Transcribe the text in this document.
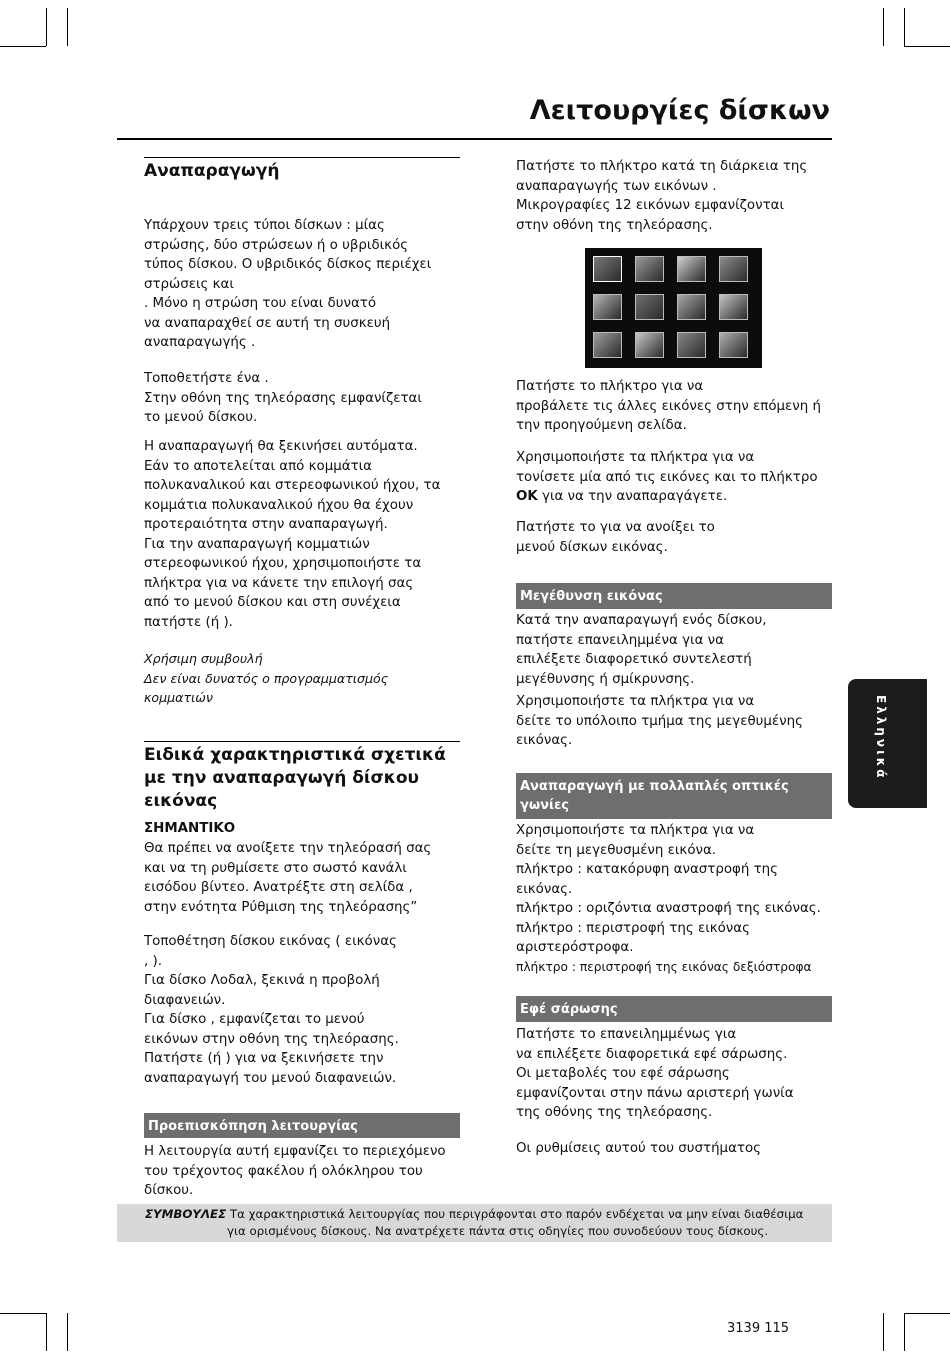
Λειτουργίες δίσκων
Αναπαραγωγή
Υπάρχουν τρεις τύποι δίσκων : μίας
στρώσης, δύο στρώσεων ή ο υβριδικός
τύπος δίσκου. Ο υβριδικός δίσκος περιέχει
στρώσεις και
. Μόνο η στρώση του είναι δυνατό
να αναπαραχθεί σε αυτή τη συσκευή
αναπαραγωγής .
Τοποθετήστε ένα .
Στην οθόνη της τηλεόρασης εμφανίζεται
το μενού δίσκου.
Η αναπαραγωγή θα ξεκινήσει αυτόματα.
Εάν το αποτελείται από κομμάτια
πολυκαναλικού και στερεοφωνικού ήχου, τα
κομμάτια πολυκαναλικού ήχου θα έχουν
προτεραιότητα στην αναπαραγωγή.
Για την αναπαραγωγή κομματιών
στερεοφωνικού ήχου, χρησιμοποιήστε τα
πλήκτρα για να κάνετε την επιλογή σας
από το μενού δίσκου και στη συνέχεια
πατήστε (ή ).
Χρήσιμη συμβουλή
Δεν είναι δυνατός ο προγραμματισμός
κομματιών
Ειδικά χαρακτηριστικά σχετικά
με την αναπαραγωγή δίσκου
εικόνας
ΣΗΜΑΝΤΙΚΟ
Θα πρέπει να ανοίξετε την τηλεόρασή σας
και να τη ρυθμίσετε στο σωστό κανάλι
εισόδου βίντεο. Ανατρέξτε στη σελίδα ,
στην ενότητα Ρύθμιση της τηλεόρασης”
Τοποθέτηση δίσκου εικόνας ( εικόνας
, ).
Για δίσκο Λοδαλ, ξεκινά η προβολή
διαφανειών.
Για δίσκο , εμφανίζεται το μενού
εικόνων στην οθόνη της τηλεόρασης.
Πατήστε (ή ) για να ξεκινήσετε την
αναπαραγωγή του μενού διαφανειών.
Προεπισκόπηση λειτουργίας
Η λειτουργία αυτή εμφανίζει το περιεχόμενο
του τρέχοντος φακέλου ή ολόκληρου του
δίσκου.
Πατήστε το πλήκτρο κατά τη διάρκεια της
αναπαραγωγής των εικόνων .
Μικρογραφίες 12 εικόνων εμφανίζονται
στην οθόνη της τηλεόρασης.
Πατήστε το πλήκτρο για να
προβάλετε τις άλλες εικόνες στην επόμενη ή
την προηγούμενη σελίδα.
Χρησιμοποιήστε τα πλήκτρα για να
τονίσετε μία από τις εικόνες και το πλήκτρο
OK για να την αναπαραγάγετε.
Πατήστε το για να ανοίξει το
μενού δίσκων εικόνας.
Μεγέθυνση εικόνας
Κατά την αναπαραγωγή ενός δίσκου,
πατήστε επανειλημμένα για να
επιλέξετε διαφορετικό συντελεστή
μεγέθυνσης ή σμίκρυνσης.
Χρησιμοποιήστε τα πλήκτρα για να
δείτε το υπόλοιπο τμήμα της μεγεθυμένης
εικόνας.
Αναπαραγωγή με πολλαπλές οπτικές
γωνίες
Χρησιμοποιήστε τα πλήκτρα για να
δείτε τη μεγεθυσμένη εικόνα.
πλήκτρο : κατακόρυφη αναστροφή της
εικόνας.
πλήκτρο : οριζόντια αναστροφή της εικόνας.
πλήκτρο : περιστροφή της εικόνας
αριστερόστροφα.
πλήκτρο : περιστροφή της εικόνας δεξιόστροφα
Εφέ σάρωσης
Πατήστε το επανειλημμένως για
να επιλέξετε διαφορετικά εφέ σάρωσης.
Οι μεταβολές του εφέ σάρωσης
εμφανίζονται στην πάνω αριστερή γωνία
της οθόνης της τηλεόρασης.
Οι ρυθμίσεις αυτού του συστήματος
Ελληνικά
ΣΥΜΒΟΥΛΕΣ Τα χαρακτηριστικά λειτουργίας που περιγράφονται στο παρόν ενδέχεται να μην είναι διαθέσιμα
για ορισμένους δίσκους. Να ανατρέχετε πάντα στις οδηγίες που συνοδεύουν τους δίσκους.
3139 115
